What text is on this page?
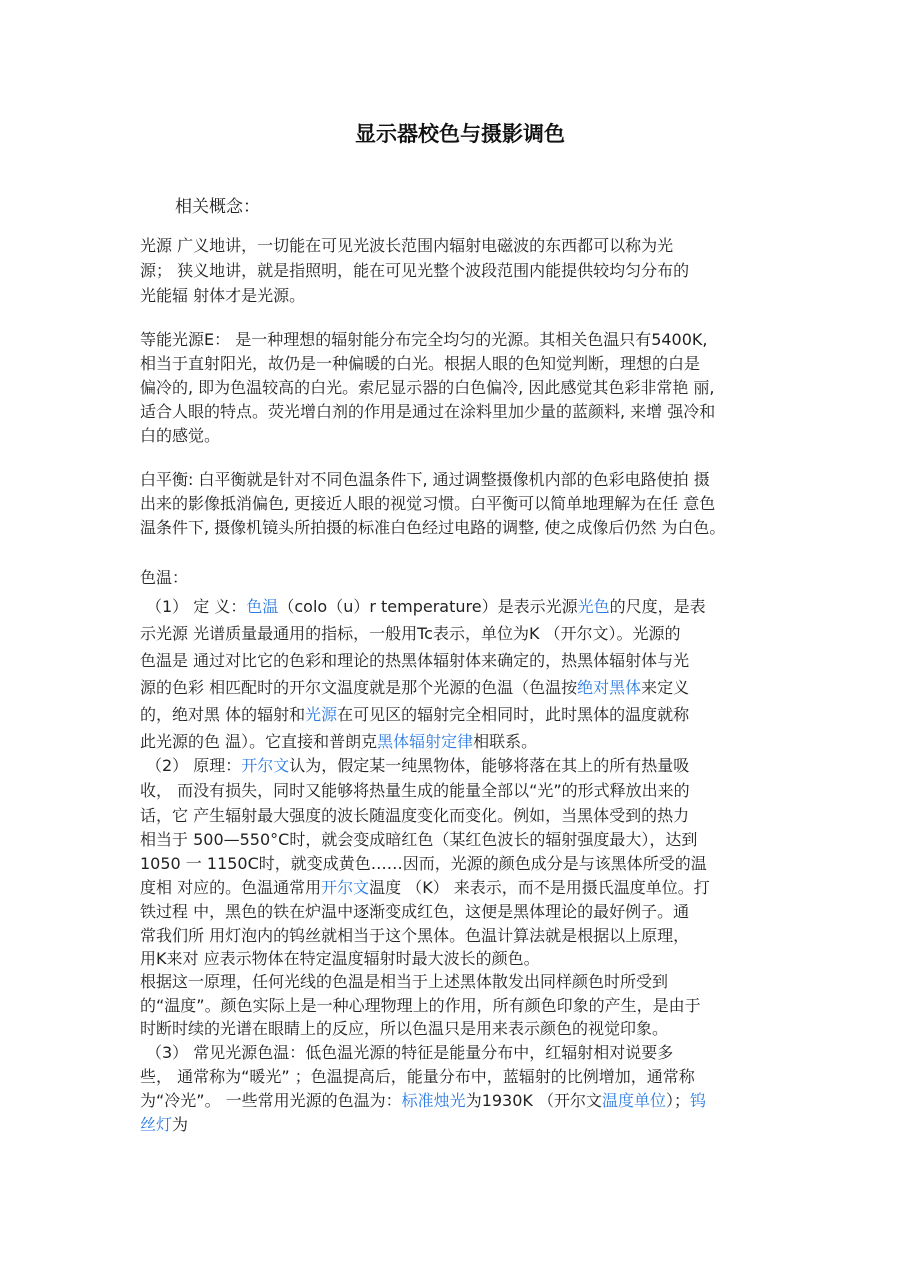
显示器校色与摄影调色
相关概念：
光源 广义地讲，一切能在可见光波长范围内辐射电磁波的东西都可以称为光
源； 狭义地讲，就是指照明，能在可见光整个波段范围内能提供较均匀分布的
光能辐 射体才是光源。
等能光源E： 是一种理想的辐射能分布完全均匀的光源。其相关色温只有5400K,
相当于直射阳光，故仍是一种偏暖的白光。根据人眼的色知觉判断，理想的白是
偏冷的, 即为色温较高的白光。索尼显示器的白色偏冷, 因此感觉其色彩非常艳 丽,
适合人眼的特点。荧光增白剂的作用是通过在涂料里加少量的蓝颜料, 来增 强冷和
白的感觉。
白平衡: 白平衡就是针对不同色温条件下, 通过调整摄像机内部的色彩电路使拍 摄
出来的影像抵消偏色, 更接近人眼的视觉习惯。白平衡可以简单地理解为在任 意色
温条件下, 摄像机镜头所拍摄的标准白色经过电路的调整, 使之成像后仍然 为白色。
色温：
（1） 定 义：色温（colo（u）r temperature）是表示光源光色的尺度，是表
示光源 光谱质量最通用的指标，一般用Tc表示，单位为K （开尔文）。光源的
色温是 通过对比它的色彩和理论的热黑体辐射体来确定的，热黑体辐射体与光
源的色彩 相匹配时的开尔文温度就是那个光源的色温（色温按绝对黑体来定义
的，绝对黑 体的辐射和光源在可见区的辐射完全相同时，此时黑体的温度就称
此光源的色 温）。它直接和普朗克黑体辐射定律相联系。
（2） 原理：开尔文认为，假定某一纯黑物体，能够将落在其上的所有热量吸
收， 而没有损失，同时又能够将热量生成的能量全部以“光”的形式释放出来的
话，它 产生辐射最大强度的波长随温度变化而变化。例如，当黑体受到的热力
相当于 500—550°C时，就会变成暗红色（某红色波长的辐射强度最大），达到
1050 一 1150C时，就变成黄色……因而，光源的颜色成分是与该黑体所受的温
度相 对应的。色温通常用开尔文温度 （K） 来表示，而不是用摄氏温度单位。打
铁过程 中，黑色的铁在炉温中逐渐变成红色，这便是黑体理论的最好例子。通
常我们所 用灯泡内的钨丝就相当于这个黑体。色温计算法就是根据以上原理，
用K来对 应表示物体在特定温度辐射时最大波长的颜色。
根据这一原理，任何光线的色温是相当于上述黑体散发出同样颜色时所受到
的“温度”。颜色实际上是一种心理物理上的作用，所有颜色印象的产生，是由于
时断时续的光谱在眼睛上的反应，所以色温只是用来表示颜色的视觉印象。
（3） 常见光源色温：低色温光源的特征是能量分布中，红辐射相对说要多
些， 通常称为“暖光” ；色温提高后，能量分布中，蓝辐射的比例增加，通常称
为“冷光”。 一些常用光源的色温为：标准烛光为1930K （开尔文温度单位）；钨
丝灯为
